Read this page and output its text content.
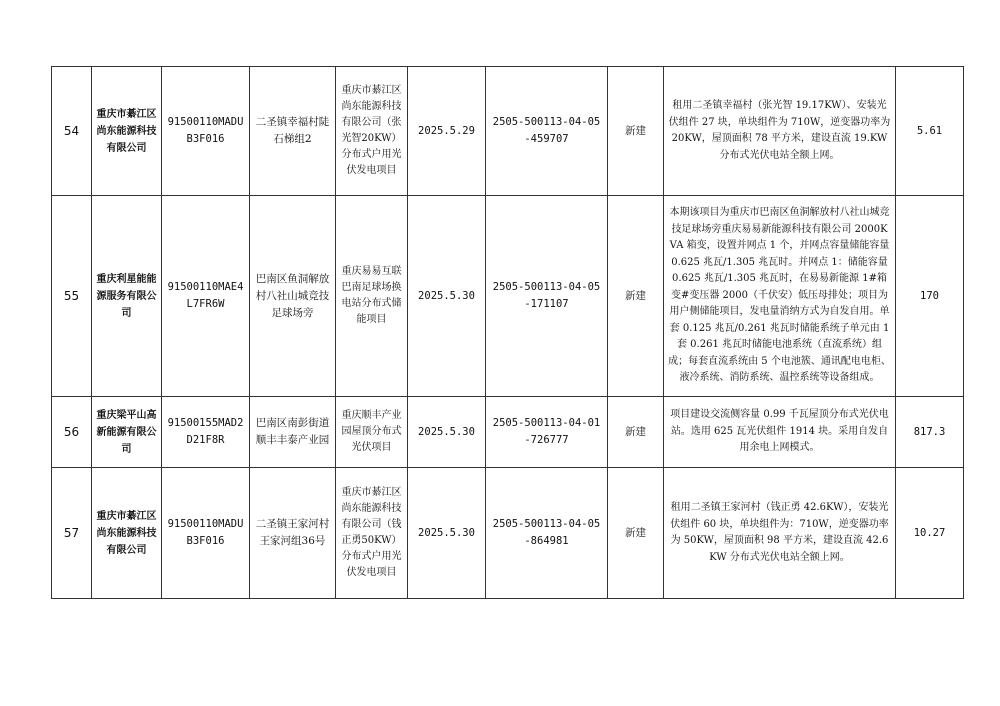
54	重庆市綦江区尚东能源科技有限公司	91500110MADUB3F016	二圣镇幸福村陡石梯组2	重庆市綦江区尚东能源科技有限公司（张光智20KW）分布式户用光伏发电项目	2025.5.29	2505-500113-04-05-459707	新建	租用二圣镇幸福村（张光智 19.17KW）、安装光伏组件 27 块，单块组件为 710W，逆变器功率为 20KW，屋顶面积 78 平方米，建设直流 19.KW 分布式光伏电站全额上网。	5.61
55	重庆利星能能源服务有限公司	91500110MAE4L7FR6W	巴南区鱼洞解放村八社山城竞技足球场旁	重庆易易互联巴南足球场换电站分布式储能项目	2025.5.30	2505-500113-04-05-171107	新建	本期该项目为重庆市巴南区鱼洞解放村八社山城竞技足球场旁重庆易易新能源科技有限公司 2000KVA 箱变，设置并网点 1 个，并网点容量储能容量 0.625 兆瓦/1.305 兆瓦时。并网点 1：储能容量 0.625 兆瓦/1.305 兆瓦时，在易易新能源 1#箱变#变压器 2000（千伏安）低压母排处；项目为用户侧储能项目，发电量消纳方式为自发自用。单套 0.125 兆瓦/0.261 兆瓦时储能系统子单元由 1 套 0.261 兆瓦时储能电池系统（直流系统）组成；每套直流系统由 5 个电池簇、通讯配电电柜、液冷系统、消防系统、温控系统等设备组成。	170
56	重庆梁平山高新能源有限公司	91500155MAD2D21F8R	巴南区南彭街道顺丰丰泰产业园	重庆顺丰产业园屋顶分布式光伏项目	2025.5.30	2505-500113-04-01-726777	新建	项目建设交流侧容量 0.99 千瓦屋顶分布式光伏电站。选用 625 瓦光伏组件 1914 块。采用自发自用余电上网模式。	817.3
57	重庆市綦江区尚东能源科技有限公司	91500110MADUB3F016	二圣镇王家河村王家河组36号	重庆市綦江区尚东能源科技有限公司（钱正勇50KW）分布式户用光伏发电项目	2025.5.30	2505-500113-04-05-864981	新建	租用二圣镇王家河村（钱正勇 42.6KW），安装光伏组件 60 块，单块组件为：710W，逆变器功率为 50KW，屋顶面积 98 平方米，建设直流 42.6KW 分布式光伏电站全额上网。	10.27
